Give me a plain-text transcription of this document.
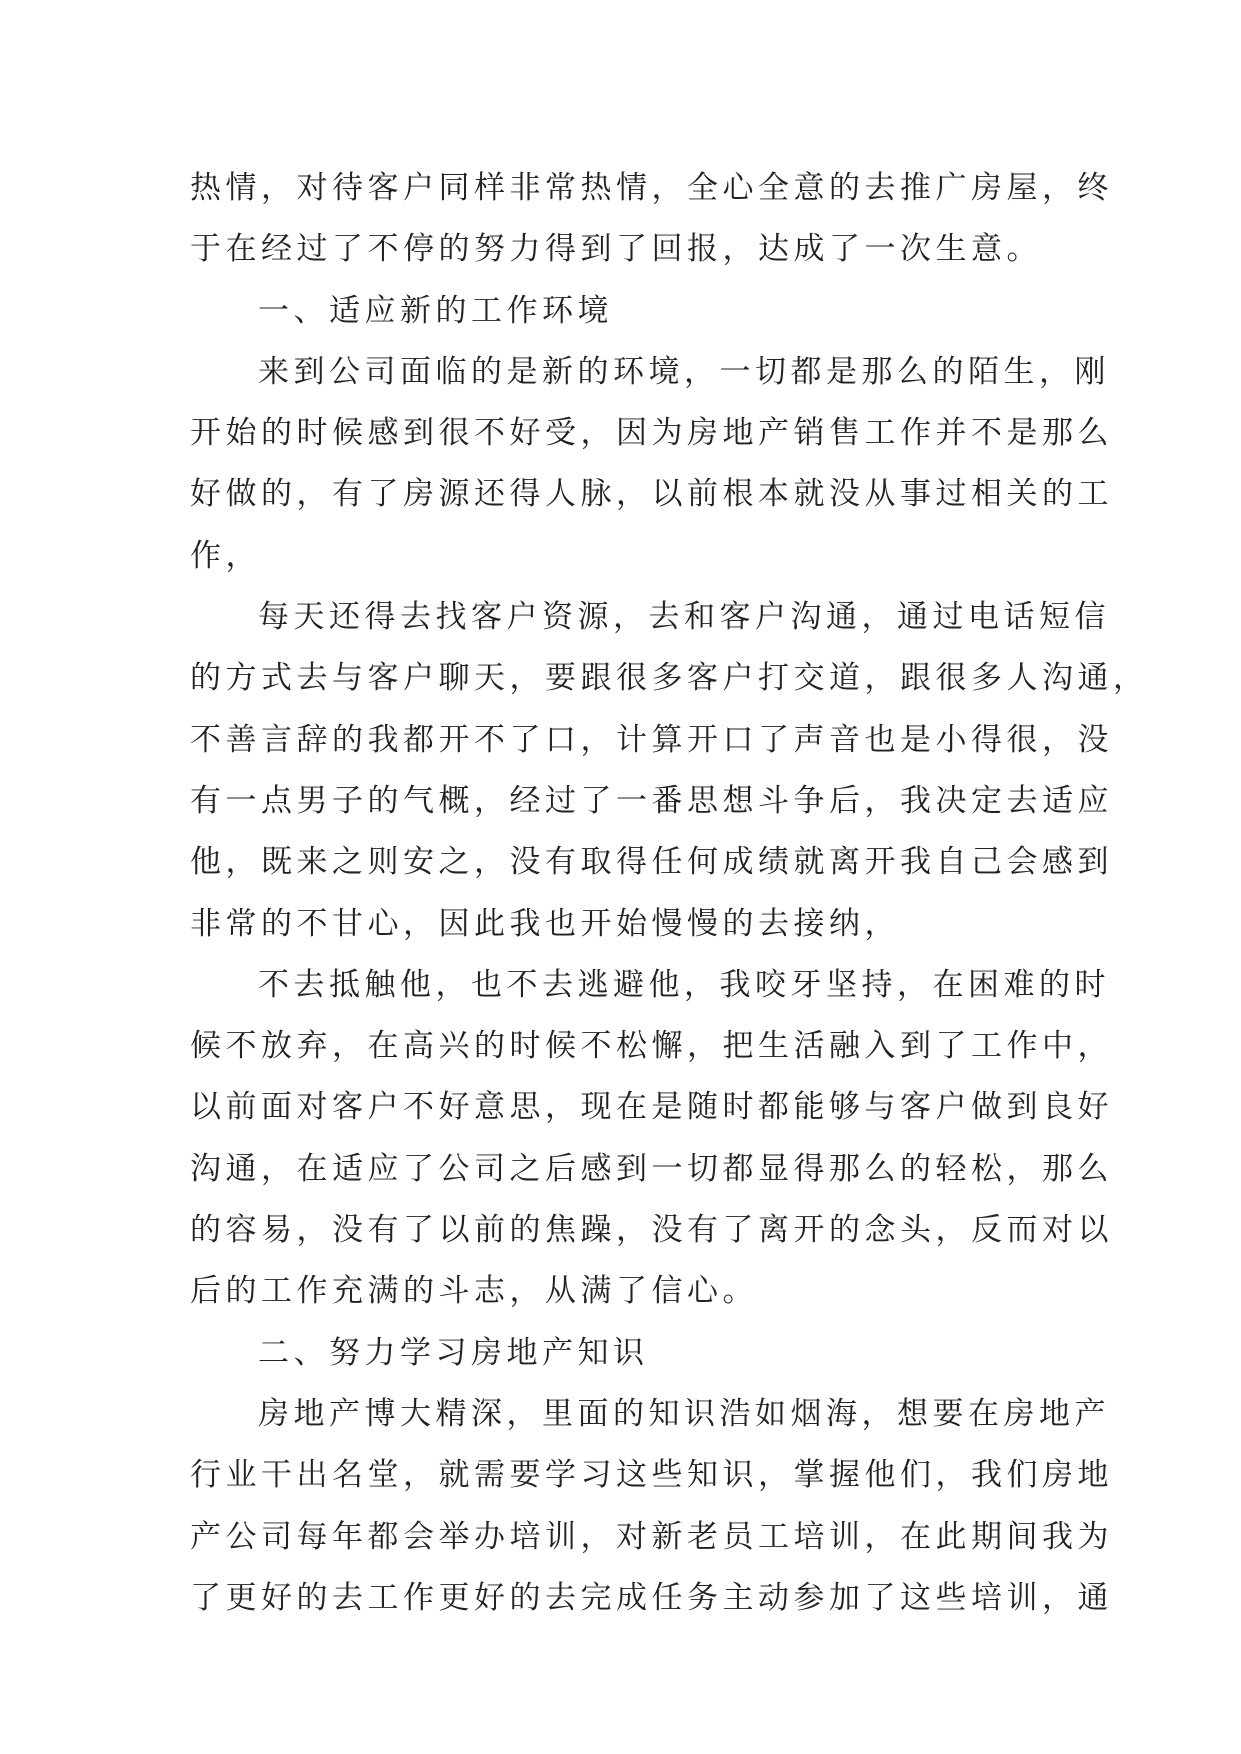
热情，对待客户同样非常热情，全心全意的去推广房屋，终
于在经过了不停的努力得到了回报，达成了一次生意。
一、适应新的工作环境
来到公司面临的是新的环境，一切都是那么的陌生，刚
开始的时候感到很不好受，因为房地产销售工作并不是那么
好做的，有了房源还得人脉，以前根本就没从事过相关的工
作，
每天还得去找客户资源，去和客户沟通，通过电话短信
的方式去与客户聊天，要跟很多客户打交道，跟很多人沟通，
不善言辞的我都开不了口，计算开口了声音也是小得很，没
有一点男子的气概，经过了一番思想斗争后，我决定去适应
他，既来之则安之，没有取得任何成绩就离开我自己会感到
非常的不甘心，因此我也开始慢慢的去接纳，
不去抵触他，也不去逃避他，我咬牙坚持，在困难的时
候不放弃，在高兴的时候不松懈，把生活融入到了工作中，
以前面对客户不好意思，现在是随时都能够与客户做到良好
沟通，在适应了公司之后感到一切都显得那么的轻松，那么
的容易，没有了以前的焦躁，没有了离开的念头，反而对以
后的工作充满的斗志，从满了信心。
二、努力学习房地产知识
房地产博大精深，里面的知识浩如烟海，想要在房地产
行业干出名堂，就需要学习这些知识，掌握他们，我们房地
产公司每年都会举办培训，对新老员工培训，在此期间我为
了更好的去工作更好的去完成任务主动参加了这些培训，通
